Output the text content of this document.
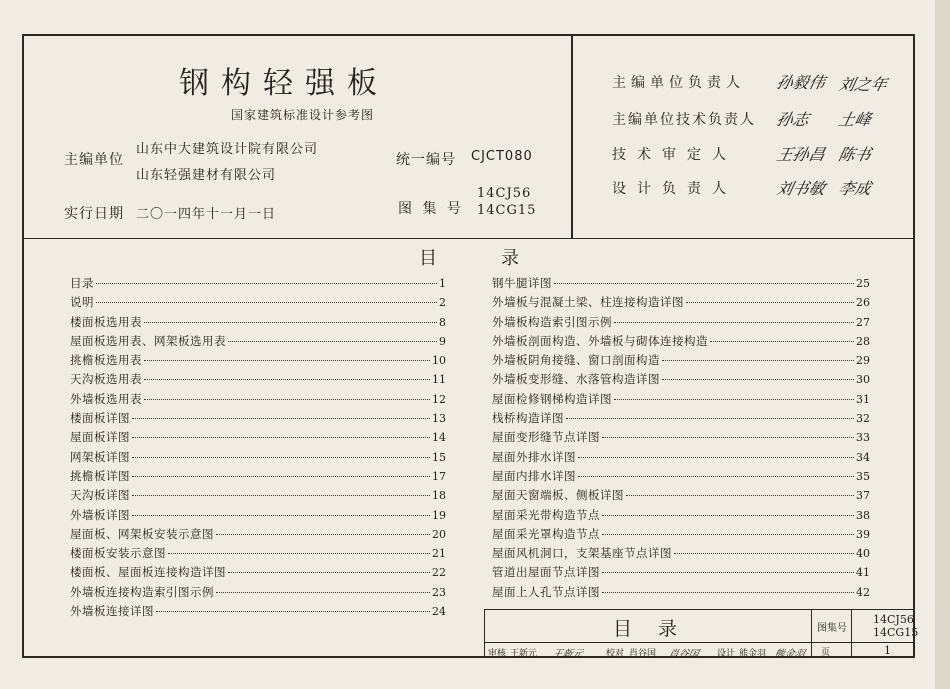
钢构轻强板
国家建筑标准设计参考图
主编单位
山东中大建筑设计院有限公司
山东轻强建材有限公司
实行日期 二〇一四年十一月一日
统一编号 CJCT080
图 集 号
14CJ56
14CG15
主编单位负责人 孙毅伟 刘之年
主编单位技术负责人 孙志 土峰
技术审定人 王孙昌 陈书
设计负责人 刘书敏 李成
目录
目录	1
说明	2
楼面板选用表	8
屋面板选用表、网架板选用表	9
挑檐板选用表	10
天沟板选用表	11
外墙板选用表	12
楼面板详图	13
屋面板详图	14
网架板详图	15
挑檐板详图	17
天沟板详图	18
外墙板详图	19
屋面板、网架板安装示意图	20
楼面板安装示意图	21
楼面板、屋面板连接构造详图	22
外墙板连接构造索引图示例	23
外墙板连接详图	24
钢牛腿详图	25
外墙板与混凝土梁、柱连接构造详图	26
外墙板构造索引图示例	27
外墙板剖面构造、外墙板与砌体连接构造	28
外墙板阴角接缝、窗口剖面构造	29
外墙板变形缝、水落管构造详图	30
屋面检修钢梯构造详图	31
栈桥构造详图	32
屋面变形缝节点详图	33
屋面外排水详图	34
屋面内排水详图	35
屋面天窗端板、侧板详图	37
屋面采光带构造节点	38
屋面采光罩构造节点	39
屋面风机洞口，支架基座节点详图	40
管道出屋面节点详图	41
屋面上人孔节点详图	42
目录	图集号
14CJ56
14CG15
审核 王新元 王新元 校对 肖谷国 肖谷国 设计 熊金羽 熊金羽 页	1
